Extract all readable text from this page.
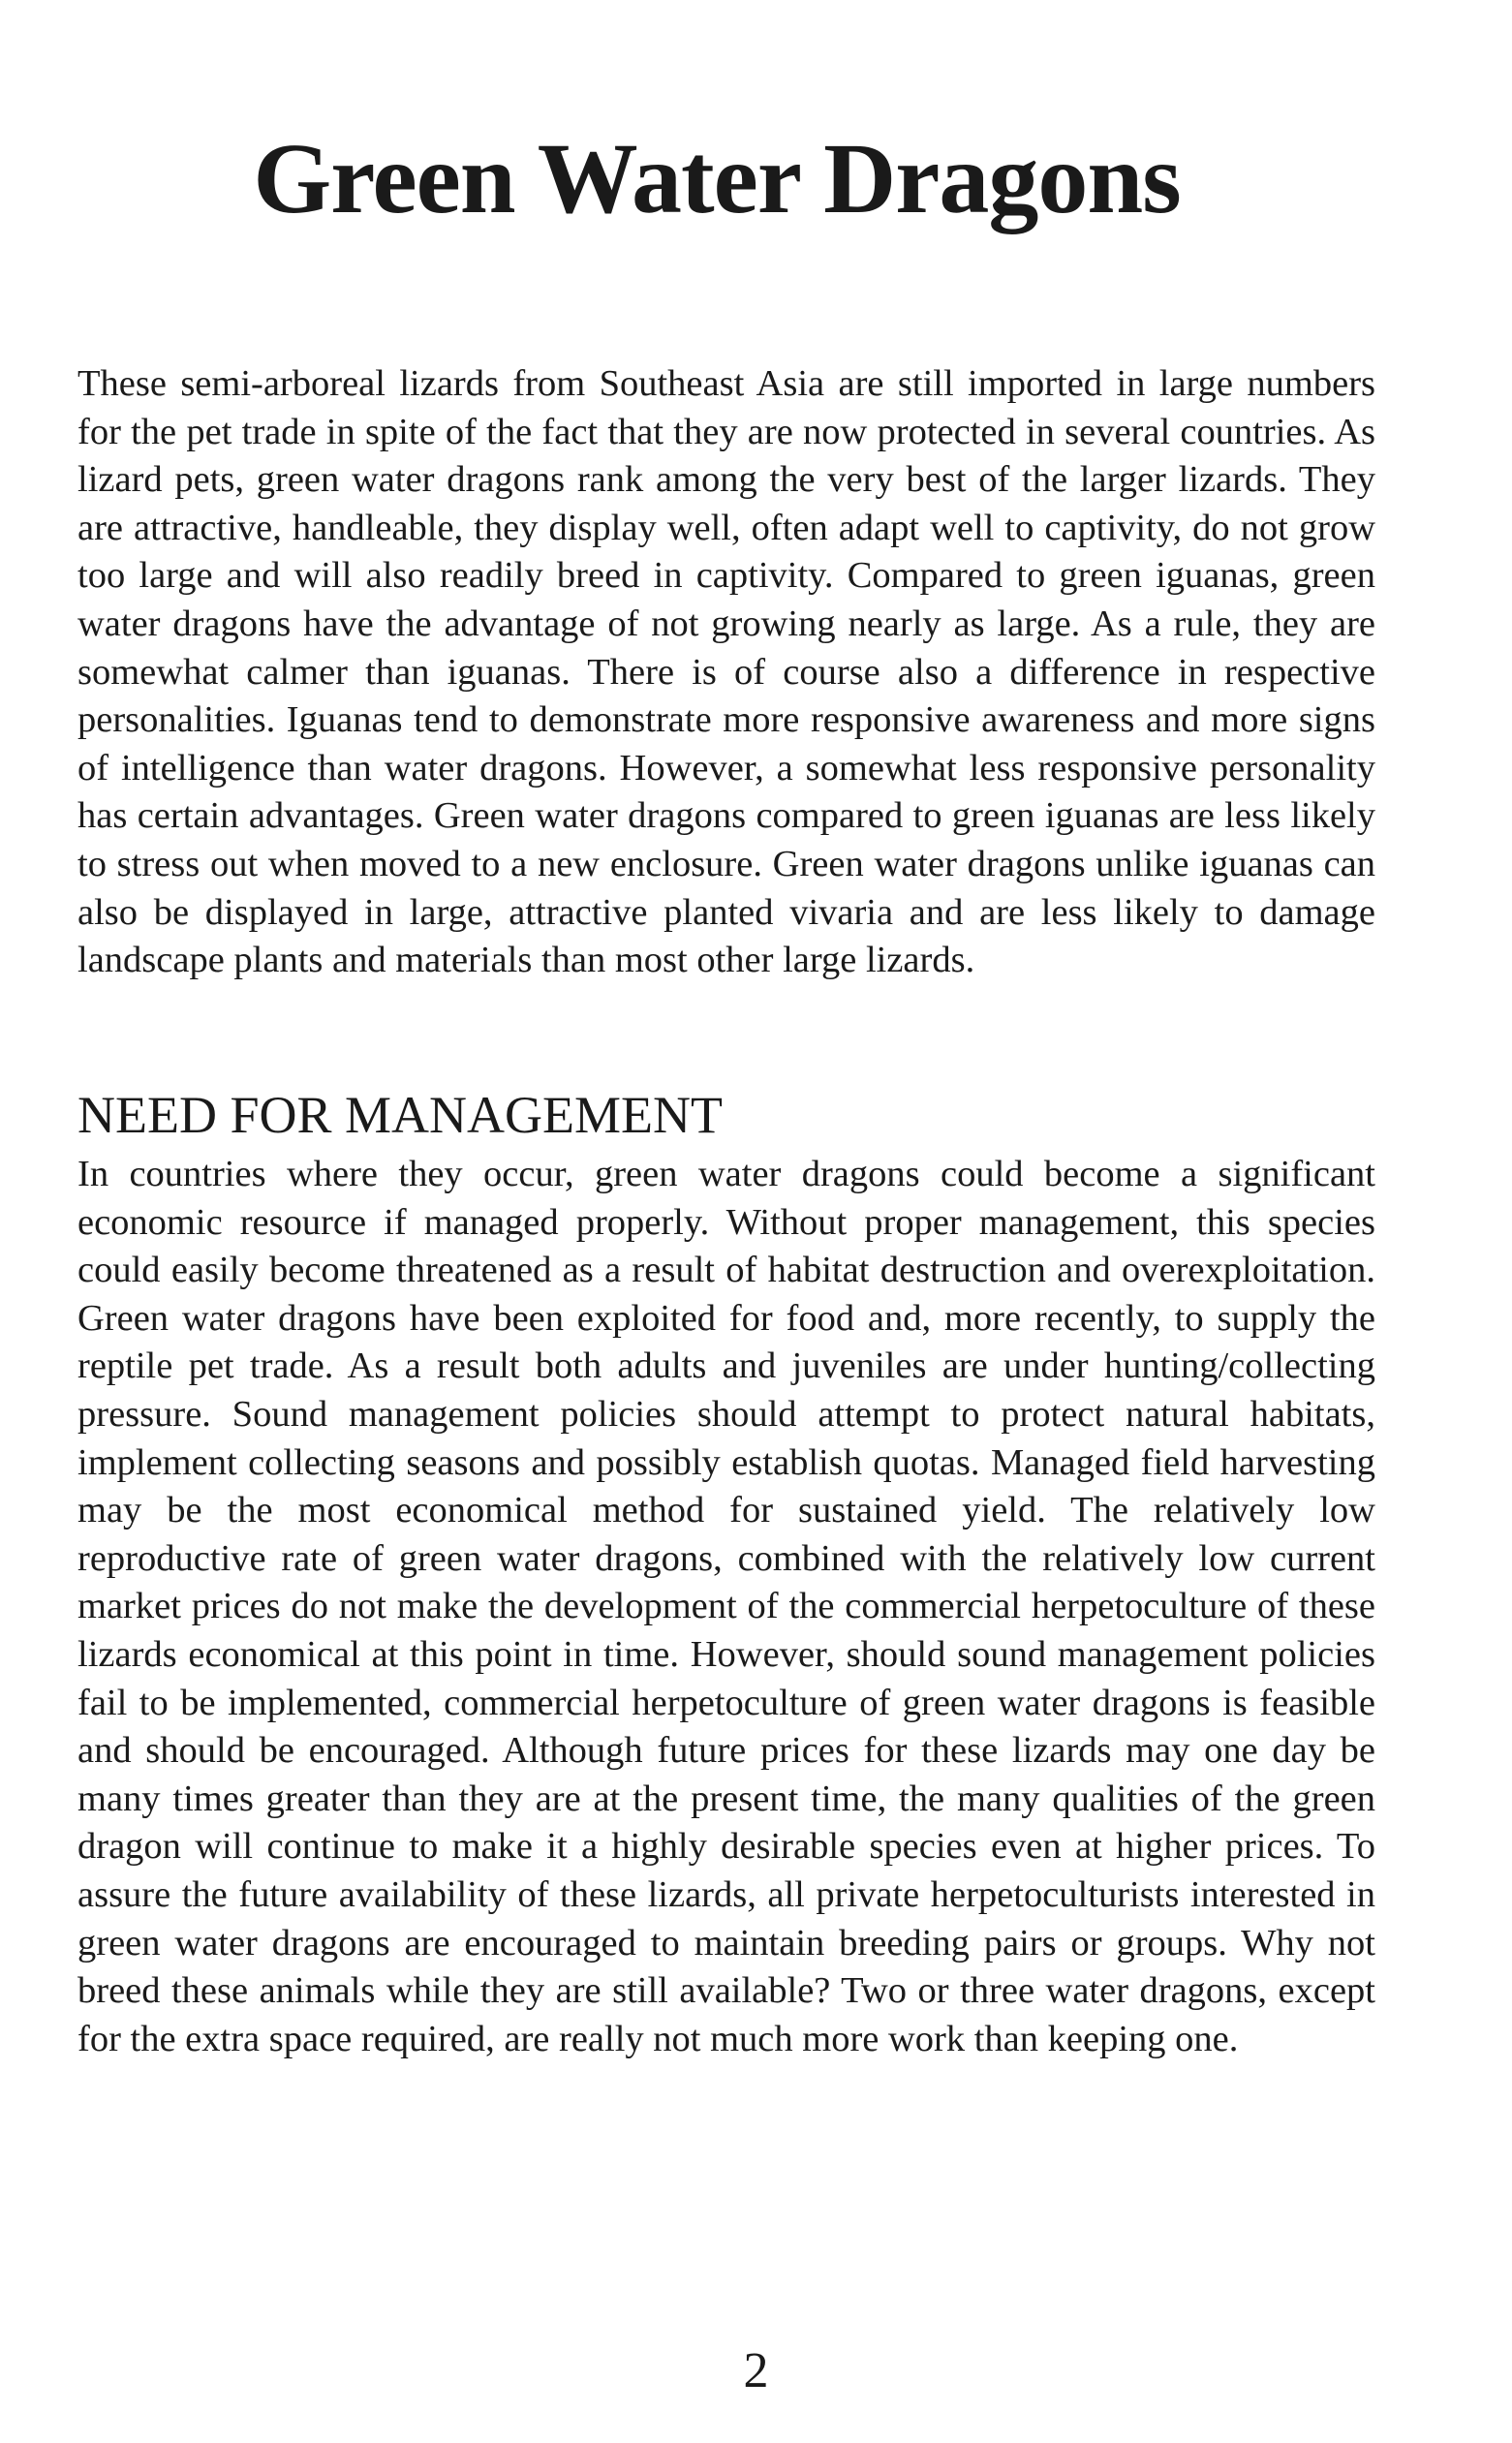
Green Water Dragons

These semi-arboreal lizards from Southeast Asia are still imported in large numbers for the pet trade in spite of the fact that they are now protected in several countries. As lizard pets, green water dragons rank among the very best of the larger lizards. They are attractive, handleable, they display well, often adapt well to captivity, do not grow too large and will also readily breed in captivity. Compared to green iguanas, green water dragons have the advantage of not growing nearly as large. As a rule, they are somewhat calmer than iguanas. There is of course also a difference in respective personalities. Iguanas tend to demonstrate more responsive awareness and more signs of intelligence than water dragons. However, a somewhat less responsive personality has certain advantages. Green water dragons compared to green iguanas are less likely to stress out when moved to a new enclosure. Green water dragons unlike iguanas can also be displayed in large, attractive planted vivaria and are less likely to damage landscape plants and materials than most other large lizards.

NEED FOR MANAGEMENT

In countries where they occur, green water dragons could become a significant economic resource if managed properly. Without proper management, this species could easily become threatened as a result of habitat destruction and overexploitation. Green water dragons have been exploited for food and, more recently, to supply the reptile pet trade. As a result both adults and juveniles are under hunting/collecting pressure. Sound management policies should attempt to protect natural habitats, implement collecting seasons and possibly establish quotas. Managed field harvesting may be the most economical method for sustained yield. The relatively low reproductive rate of green water dragons, combined with the relatively low current market prices do not make the development of the commercial herpetoculture of these lizards economical at this point in time. However, should sound management policies fail to be implemented, commercial herpetoculture of green water dragons is feasible and should be encouraged. Although future prices for these lizards may one day be many times greater than they are at the present time, the many qualities of the green dragon will continue to make it a highly desirable species even at higher prices. To assure the future availability of these lizards, all private herpetoculturists interested in green water dragons are encouraged to maintain breeding pairs or groups. Why not breed these animals while they are still available? Two or three water dragons, except for the extra space required, are really not much more work than keeping one.

2
